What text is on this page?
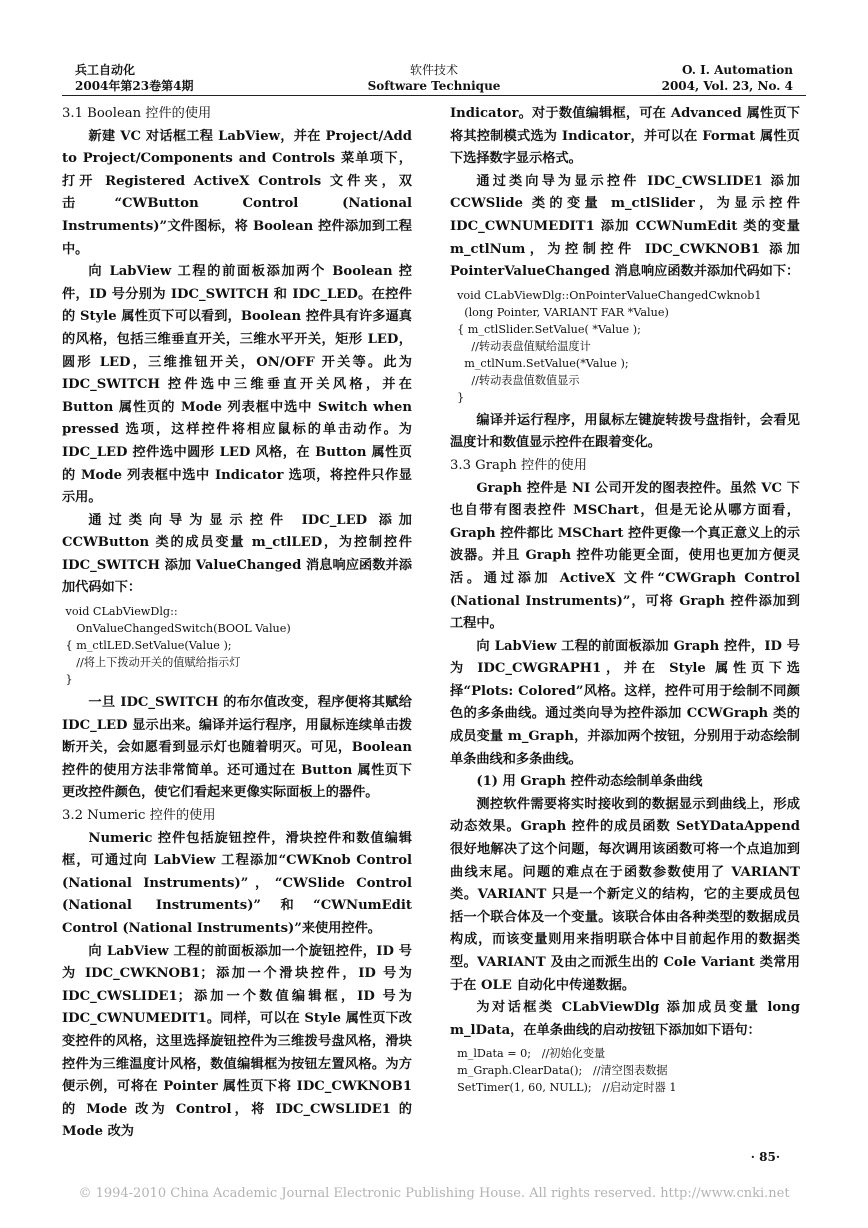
兵工自动化
2004年第23卷第4期
软件技术
Software Technique
O. I. Automation
2004, Vol. 23, No. 4
3.1 Boolean 控件的使用

新建 VC 对话框工程 LabView，并在 Project/Add to Project/Components and Controls 菜单项下，打开 Registered ActiveX Controls 文件夹，双击“CWButton Control (National Instruments)”文件图标，将 Boolean 控件添加到工程中。

向 LabView 工程的前面板添加两个 Boolean 控件，ID 号分别为 IDC_SWITCH 和 IDC_LED。在控件的 Style 属性页下可以看到，Boolean 控件具有许多逼真的风格，包括三维垂直开关，三维水平开关，矩形 LED，圆形 LED，三维推钮开关，ON/OFF 开关等。此为 IDC_SWITCH 控件选中三维垂直开关风格，并在 Button 属性页的 Mode 列表框中选中 Switch when pressed 选项，这样控件将相应鼠标的单击动作。为 IDC_LED 控件选中圆形 LED 风格，在 Button 属性页的 Mode 列表框中选中 Indicator 选项，将控件只作显示用。

通过类向导为显示控件 IDC_LED 添加 CCWButton 类的成员变量 m_ctlLED，为控制控件 IDC_SWITCH 添加 ValueChanged 消息响应函数并添加代码如下：

void CLabViewDlg::
OnValueChangedSwitch(BOOL Value)
{ m_ctlLED.SetValue(Value );
//将上下拨动开关的值赋给指示灯
}

一旦 IDC_SWITCH 的布尔值改变，程序便将其赋给 IDC_LED 显示出来。编译并运行程序，用鼠标连续单击拨断开关，会如愿看到显示灯也随着明灭。可见，Boolean 控件的使用方法非常简单。还可通过在 Button 属性页下更改控件颜色，使它们看起来更像实际面板上的器件。

3.2 Numeric 控件的使用

Numeric 控件包括旋钮控件，滑块控件和数值编辑框，可通过向 LabView 工程添加“CWKnob Control (National Instruments)”，“CWSlide Control (National Instruments)”和“CWNumEdit Control (National Instruments)”来使用控件。

向 LabView 工程的前面板添加一个旋钮控件，ID 号为 IDC_CWKNOB1；添加一个滑块控件，ID 号为 IDC_CWSLIDE1；添加一个数值编辑框，ID 号为 IDC_CWNUMEDIT1。同样，可以在 Style 属性页下改变控件的风格，这里选择旋钮控件为三维拨号盘风格，滑块控件为三维温度计风格，数值编辑框为按钮左置风格。为方便示例，可将在 Pointer 属性页下将 IDC_CWKNOB1 的 Mode 改为 Control，将 IDC_CWSLIDE1 的 Mode 改为

Indicator。对于数值编辑框，可在 Advanced 属性页下将其控制模式选为 Indicator，并可以在 Format 属性页下选择数字显示格式。

通过类向导为显示控件 IDC_CWSLIDE1 添加 CCWSlide 类的变量 m_ctlSlider，为显示控件 IDC_CWNUMEDIT1 添加 CCWNumEdit 类的变量 m_ctlNum，为控制控件 IDC_CWKNOB1 添加 PointerValueChanged 消息响应函数并添加代码如下：

void CLabViewDlg::OnPointerValueChangedCwknob1
(long Pointer, VARIANT FAR *Value)
{ m_ctlSlider.SetValue( *Value );
//转动表盘值赋给温度计
m_ctlNum.SetValue(*Value );
//转动表盘值数值显示
}

编译并运行程序，用鼠标左键旋转拨号盘指针，会看见温度计和数值显示控件在跟着变化。

3.3 Graph 控件的使用

Graph 控件是 NI 公司开发的图表控件。虽然 VC 下也自带有图表控件 MSChart，但是无论从哪方面看，Graph 控件都比 MSChart 控件更像一个真正意义上的示波器。并且 Graph 控件功能更全面，使用也更加方便灵活。通过添加 ActiveX 文件“CWGraph Control (National Instruments)”，可将 Graph 控件添加到工程中。

向 LabView 工程的前面板添加 Graph 控件，ID 号为 IDC_CWGRAPH1，并在 Style 属性页下选择“Plots: Colored”风格。这样，控件可用于绘制不同颜色的多条曲线。通过类向导为控件添加 CCWGraph 类的成员变量 m_Graph，并添加两个按钮，分别用于动态绘制单条曲线和多条曲线。

(1) 用 Graph 控件动态绘制单条曲线

测控软件需要将实时接收到的数据显示到曲线上，形成动态效果。Graph 控件的成员函数 SetYDataAppend 很好地解决了这个问题，每次调用该函数可将一个点追加到曲线末尾。问题的难点在于函数参数使用了 VARIANT 类。VARIANT 只是一个新定义的结构，它的主要成员包括一个联合体及一个变量。该联合体由各种类型的数据成员构成，而该变量则用来指明联合体中目前起作用的数据类型。VARIANT 及由之而派生出的 Cole Variant 类常用于在 OLE 自动化中传递数据。

为对话框类 CLabViewDlg 添加成员变量 long m_lData，在单条曲线的启动按钮下添加如下语句：

m_lData = 0;   //初始化变量
m_Graph.ClearData();   //清空图表数据
SetTimer(1, 60, NULL);   //启动定时器 1
· 85·
© 1994-2010 China Academic Journal Electronic Publishing House. All rights reserved. http://www.cnki.net
